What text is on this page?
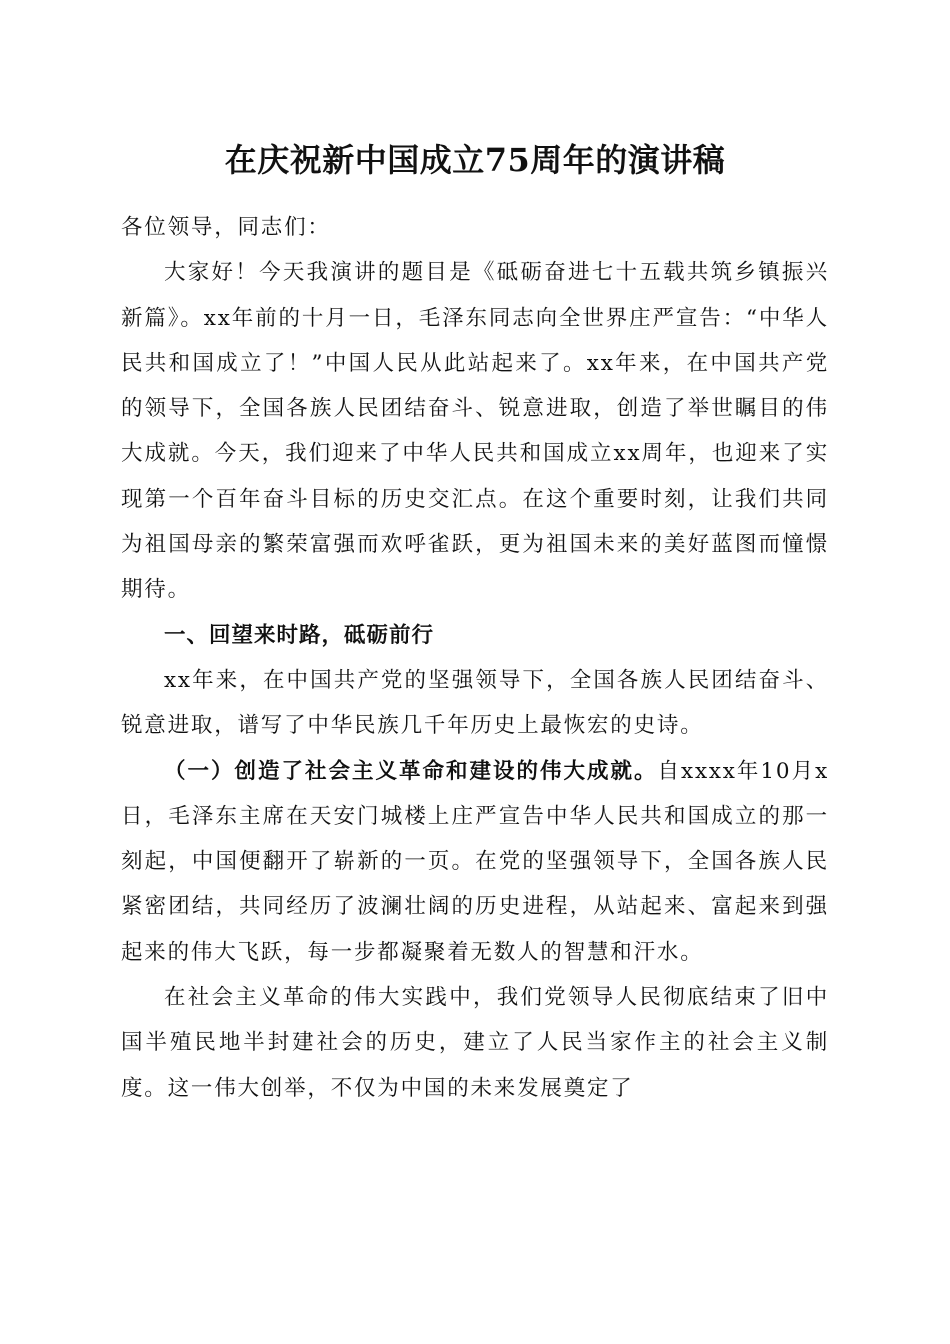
在庆祝新中国成立75周年的演讲稿

各位领导，同志们：

大家好！今天我演讲的题目是《砥砺奋进七十五载共筑乡镇振兴新篇》。xx年前的十月一日，毛泽东同志向全世界庄严宣告：“中华人民共和国成立了！”中国人民从此站起来了。xx年来，在中国共产党的领导下，全国各族人民团结奋斗、锐意进取，创造了举世瞩目的伟大成就。今天，我们迎来了中华人民共和国成立xx周年，也迎来了实现第一个百年奋斗目标的历史交汇点。在这个重要时刻，让我们共同为祖国母亲的繁荣富强而欢呼雀跃，更为祖国未来的美好蓝图而憧憬期待。

一、回望来时路，砥砺前行

xx年来，在中国共产党的坚强领导下，全国各族人民团结奋斗、锐意进取，谱写了中华民族几千年历史上最恢宏的史诗。

（一）创造了社会主义革命和建设的伟大成就。自xxxx年10月x日，毛泽东主席在天安门城楼上庄严宣告中华人民共和国成立的那一刻起，中国便翻开了崭新的一页。在党的坚强领导下，全国各族人民紧密团结，共同经历了波澜壮阔的历史进程，从站起来、富起来到强起来的伟大飞跃，每一步都凝聚着无数人的智慧和汗水。

在社会主义革命的伟大实践中，我们党领导人民彻底结束了旧中国半殖民地半封建社会的历史，建立了人民当家作主的社会主义制度。这一伟大创举，不仅为中国的未来发展奠定了
